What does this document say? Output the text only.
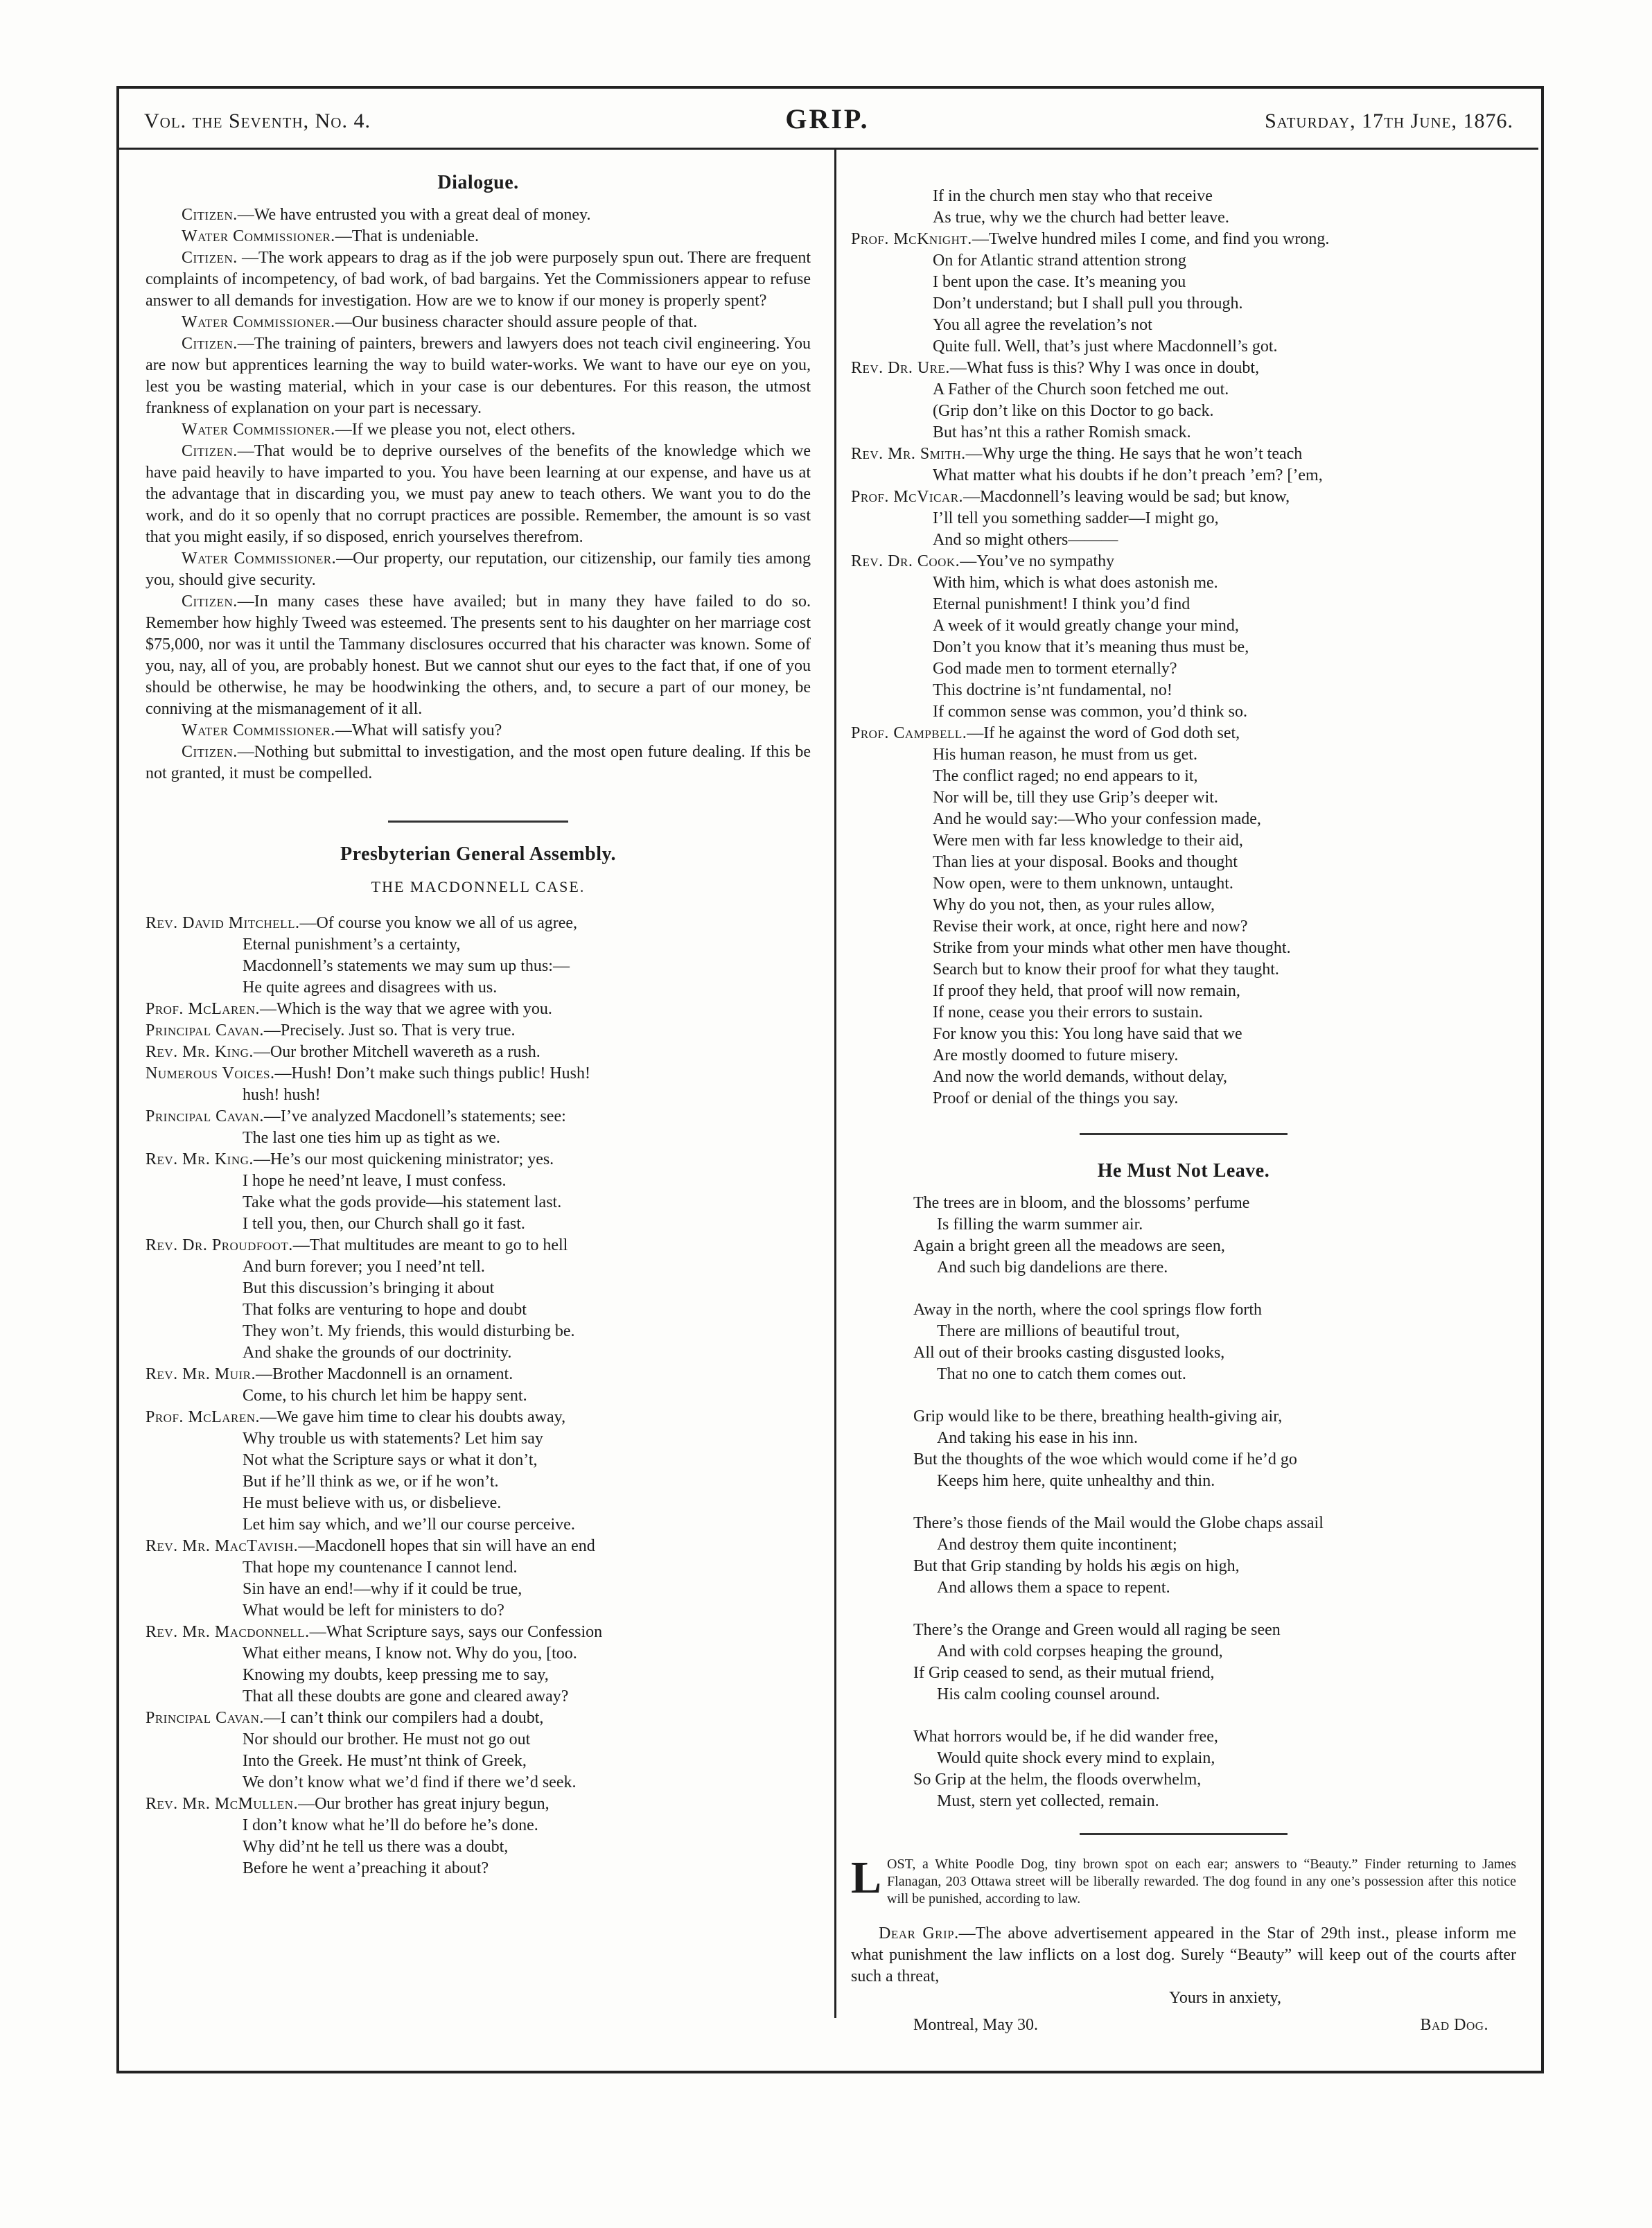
Vol. the Seventh, No. 4.	GRIP.	Saturday, 17th June, 1876.
Dialogue.

Citizen.—We have entrusted you with a great deal of money.

Water Commissioner.—That is undeniable.

Citizen. —The work appears to drag as if the job were purposely spun out. There are frequent complaints of incompetency, of bad work, of bad bargains. Yet the Commissioners appear to refuse answer to all demands for investigation. How are we to know if our money is properly spent?

Water Commissioner.—Our business character should assure people of that.

Citizen.—The training of painters, brewers and lawyers does not teach civil engineering. You are now but apprentices learning the way to build water-works. We want to have our eye on you, lest you be wasting material, which in your case is our debentures. For this reason, the utmost frankness of explanation on your part is necessary.

Water Commissioner.—If we please you not, elect others.

Citizen.—That would be to deprive ourselves of the benefits of the knowledge which we have paid heavily to have imparted to you. You have been learning at our expense, and have us at the advantage that in discarding you, we must pay anew to teach others. We want you to do the work, and do it so openly that no corrupt practices are possible. Remember, the amount is so vast that you might easily, if so disposed, enrich yourselves therefrom.

Water Commissioner.—Our property, our reputation, our citizenship, our family ties among you, should give security.

Citizen.—In many cases these have availed; but in many they have failed to do so. Remember how highly Tweed was esteemed. The presents sent to his daughter on her marriage cost $75,000, nor was it until the Tammany disclosures occurred that his character was known. Some of you, nay, all of you, are probably honest. But we cannot shut our eyes to the fact that, if one of you should be otherwise, he may be hoodwinking the others, and, to secure a part of our money, be conniving at the mismanagement of it all.

Water Commissioner.—What will satisfy you?

Citizen.—Nothing but submittal to investigation, and the most open future dealing. If this be not granted, it must be compelled.

Presbyterian General Assembly.
THE MACDONNELL CASE.

Rev. David Mitchell.—Of course you know we all of us agree,

Eternal punishment’s a certainty,

Macdonnell’s statements we may sum up thus:—

He quite agrees and disagrees with us.

Prof. McLaren.—Which is the way that we agree with you.

Principal Cavan.—Precisely. Just so. That is very true.

Rev. Mr. King.—Our brother Mitchell wavereth as a rush.

Numerous Voices.—Hush! Don’t make such things public! Hush!

hush! hush!

Principal Cavan.—I’ve analyzed Macdonell’s statements; see:

The last one ties him up as tight as we.

Rev. Mr. King.—He’s our most quickening ministrator; yes.

I hope he need’nt leave, I must confess.

Take what the gods provide—his statement last.

I tell you, then, our Church shall go it fast.

Rev. Dr. Proudfoot.—That multitudes are meant to go to hell

And burn forever; you I need’nt tell.

But this discussion’s bringing it about

That folks are venturing to hope and doubt

They won’t. My friends, this would disturbing be.

And shake the grounds of our doctrinity.

Rev. Mr. Muir.—Brother Macdonnell is an ornament.

Come, to his church let him be happy sent.

Prof. McLaren.—We gave him time to clear his doubts away,

Why trouble us with statements? Let him say

Not what the Scripture says or what it don’t,

But if he’ll think as we, or if he won’t.

He must believe with us, or disbelieve.

Let him say which, and we’ll our course perceive.

Rev. Mr. MacTavish.—Macdonell hopes that sin will have an end

That hope my countenance I cannot lend.

Sin have an end!—why if it could be true,

What would be left for ministers to do?

Rev. Mr. Macdonnell.—What Scripture says, says our Confession

What either means, I know not. Why do you, [too.

Knowing my doubts, keep pressing me to say,

That all these doubts are gone and cleared away?

Principal Cavan.—I can’t think our compilers had a doubt,

Nor should our brother. He must not go out

Into the Greek. He must’nt think of Greek,

We don’t know what we’d find if there we’d seek.

Rev. Mr. McMullen.—Our brother has great injury begun,

I don’t know what he’ll do before he’s done.

Why did’nt he tell us there was a doubt,

Before he went a’preaching it about?

If in the church men stay who that receive

As true, why we the church had better leave.

Prof. McKnight.—Twelve hundred miles I come, and find you wrong.

On for Atlantic strand attention strong

I bent upon the case. It’s meaning you

Don’t understand; but I shall pull you through.

You all agree the revelation’s not

Quite full. Well, that’s just where Macdonnell’s got.

Rev. Dr. Ure.—What fuss is this? Why I was once in doubt,

A Father of the Church soon fetched me out.

(Grip don’t like on this Doctor to go back.

But has’nt this a rather Romish smack.

Rev. Mr. Smith.—Why urge the thing. He says that he won’t teach

What matter what his doubts if he don’t preach ’em? [’em,

Prof. McVicar.—Macdonnell’s leaving would be sad; but know,

I’ll tell you something sadder—I might go,

And so might others———

Rev. Dr. Cook.—You’ve no sympathy

With him, which is what does astonish me.

Eternal punishment! I think you’d find

A week of it would greatly change your mind,

Don’t you know that it’s meaning thus must be,

God made men to torment eternally?

This doctrine is’nt fundamental, no!

If common sense was common, you’d think so.

Prof. Campbell.—If he against the word of God doth set,

His human reason, he must from us get.

The conflict raged; no end appears to it,

Nor will be, till they use Grip’s deeper wit.

And he would say:—Who your confession made,

Were men with far less knowledge to their aid,

Than lies at your disposal. Books and thought

Now open, were to them unknown, untaught.

Why do you not, then, as your rules allow,

Revise their work, at once, right here and now?

Strike from your minds what other men have thought.

Search but to know their proof for what they taught.

If proof they held, that proof will now remain,

If none, cease you their errors to sustain.

For know you this: You long have said that we

Are mostly doomed to future misery.

And now the world demands, without delay,

Proof or denial of the things you say.

He Must Not Leave.

The trees are in bloom, and the blossoms’ perfume

Is filling the warm summer air.

Again a bright green all the meadows are seen,

And such big dandelions are there.

Away in the north, where the cool springs flow forth

There are millions of beautiful trout,

All out of their brooks casting disgusted looks,

That no one to catch them comes out.

Grip would like to be there, breathing health-giving air,

And taking his ease in his inn.

But the thoughts of the woe which would come if he’d go

Keeps him here, quite unhealthy and thin.

There’s those fiends of the Mail would the Globe chaps assail

And destroy them quite incontinent;

But that Grip standing by holds his ægis on high,

And allows them a space to repent.

There’s the Orange and Green would all raging be seen

And with cold corpses heaping the ground,

If Grip ceased to send, as their mutual friend,

His calm cooling counsel around.

What horrors would be, if he did wander free,

Would quite shock every mind to explain,

So Grip at the helm, the floods overwhelm,

Must, stern yet collected, remain.

LOST, a White Poodle Dog, tiny brown spot on each ear; answers to “Beauty.” Finder returning to James Flanagan, 203 Ottawa street will be liberally rewarded. The dog found in any one’s possession after this notice will be punished, according to law.

Dear Grip.—The above advertisement appeared in the Star of 29th inst., please inform me what punishment the law inflicts on a lost dog. Surely “Beauty” will keep out of the courts after such a threat,

Yours in anxiety,

Montreal, May 30.	Bad Dog.
